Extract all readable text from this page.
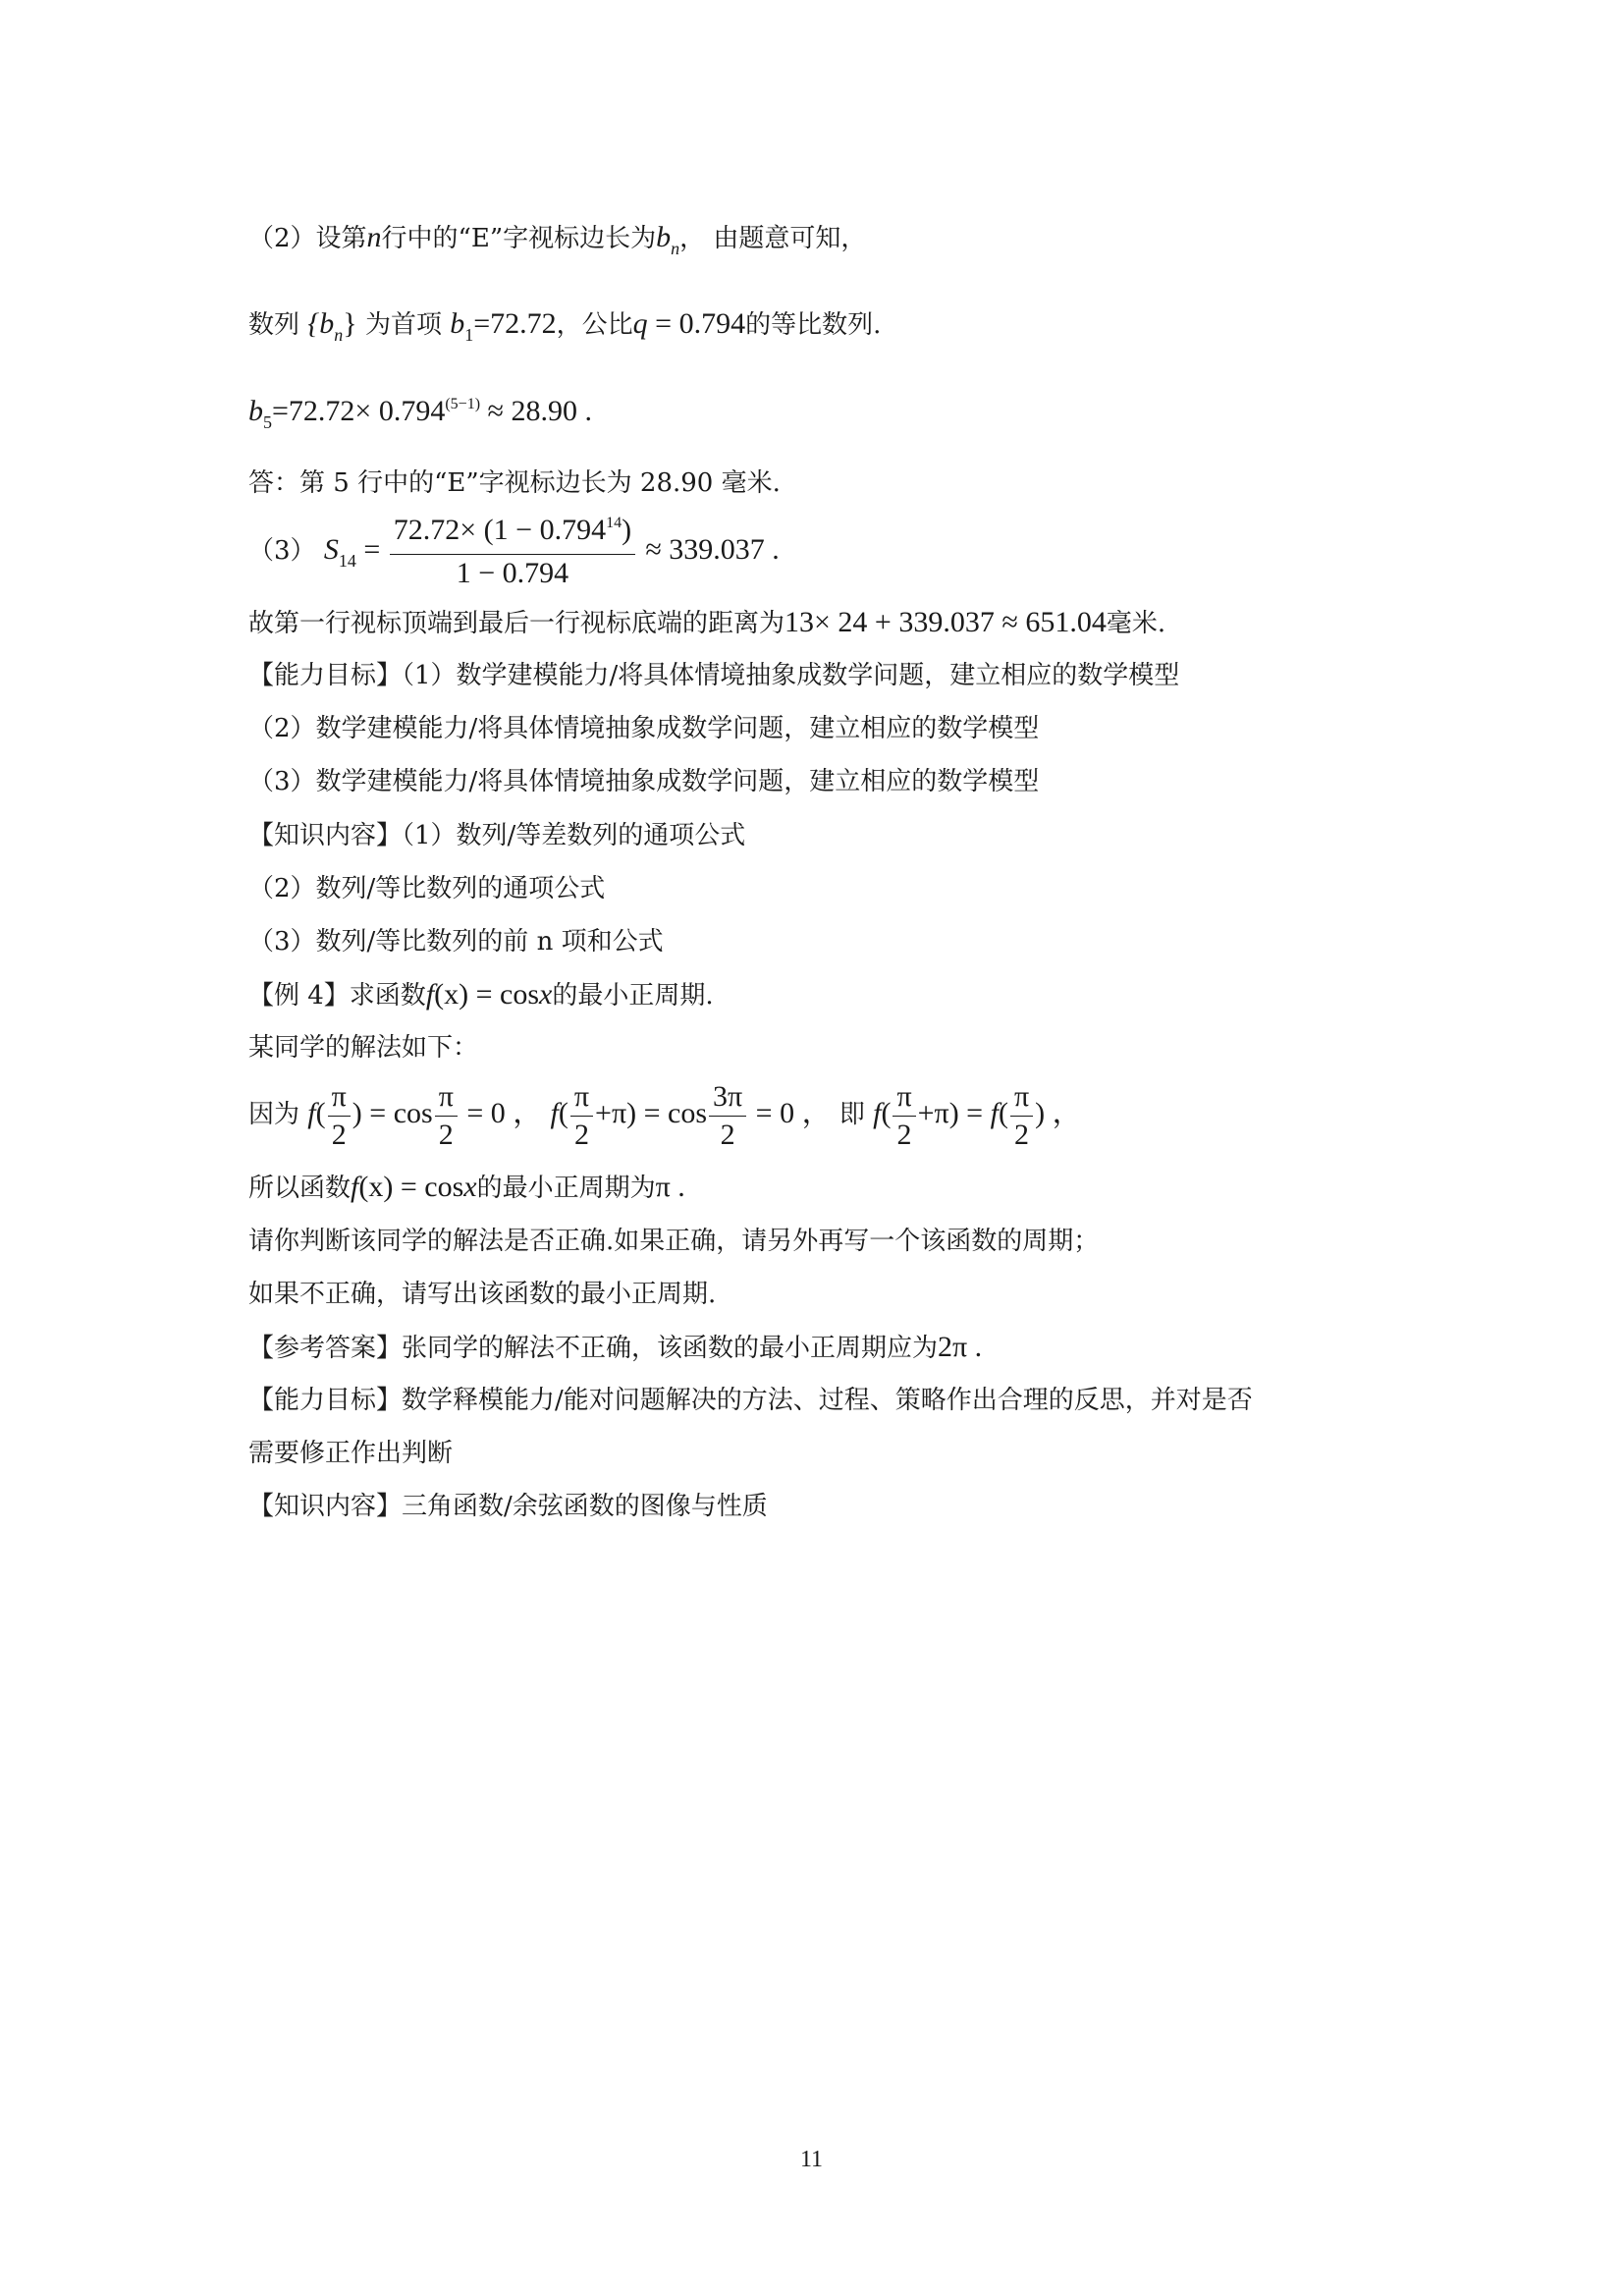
（2）设第n行中的“E”字视标边长为$b_n$， 由题意可知，
数列 $\{b_n\}$ 为首项 $b_1=72.72$，公比q = 0.794的等比数列.
$b_5=72.72\times 0.794^{(5-1)} \approx 28.90$ .
答：第 5 行中的“E”字视标边长为 28.90 毫米.
（3） $S_{14} = \frac{72.72\times (1 - 0.794^{14})}{1 - 0.794} \approx 339.037$ .
故第一行视标顶端到最后一行视标底端的距离为13× 24 + 339.037 ≈ 651.04毫米.
【能力目标】（1）数学建模能力/将具体情境抽象成数学问题，建立相应的数学模型
（2）数学建模能力/将具体情境抽象成数学问题，建立相应的数学模型
（3）数学建模能力/将具体情境抽象成数学问题，建立相应的数学模型
【知识内容】（1）数列/等差数列的通项公式
（2）数列/等比数列的通项公式
（3）数列/等比数列的前 n 项和公式
【例 4】求函数f(x) = cosx的最小正周期.
某同学的解法如下：
因为 $f( \frac{\pi}{2}$ ) = $\cos \frac{\pi}{2} = 0$ ， $f( \frac{\pi}{2} +\pi) = \cos \frac{3\pi}{2} = 0$ ， 即 $f( \frac{\pi}{2} +\pi) = f( \frac{\pi}{2}$ ) ，
所以函数f(x) = cosx的最小正周期为π .
请你判断该同学的解法是否正确.如果正确，请另外再写一个该函数的周期；
如果不正确，请写出该函数的最小正周期.
【参考答案】张同学的解法不正确，该函数的最小正周期应为2π .
【能力目标】数学释模能力/能对问题解决的方法、过程、策略作出合理的反思，并对是否
需要修正作出判断
【知识内容】三角函数/余弦函数的图像与性质
11
